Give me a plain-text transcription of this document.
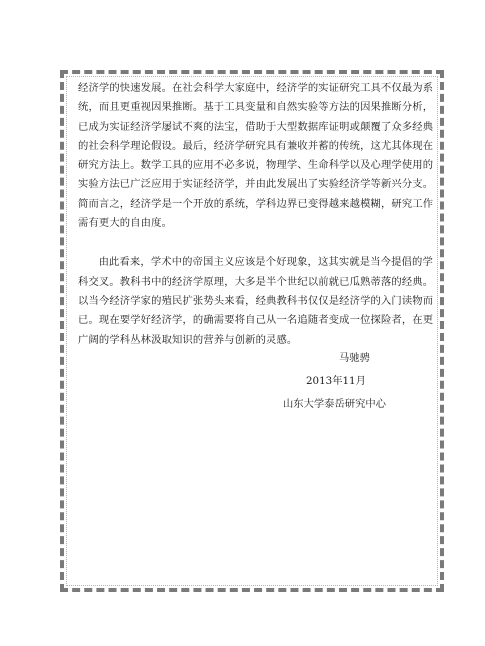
经济学的快速发展。在社会科学大家庭中，经济学的实证研究工具不仅最为系
统，而且更重视因果推断。基于工具变量和自然实验等方法的因果推断分析，
已成为实证经济学屡试不爽的法宝，借助于大型数据库证明或颠覆了众多经典
的社会科学理论假设。最后，经济学研究具有兼收并蓄的传统，这尤其体现在
研究方法上。数学工具的应用不必多说，物理学、生命科学以及心理学使用的
实验方法已广泛应用于实证经济学，并由此发展出了实验经济学等新兴分支。
简而言之，经济学是一个开放的系统，学科边界已变得越来越模糊，研究工作
需有更大的自由度。
由此看来，学术中的帝国主义应该是个好现象，这其实就是当今提倡的学
科交叉。教科书中的经济学原理，大多是半个世纪以前就已瓜熟蒂落的经典。
以当今经济学家的殖民扩张势头来看，经典教科书仅仅是经济学的入门读物而
已。现在要学好经济学，的确需要将自己从一名追随者变成一位探险者，在更
广阔的学科丛林汲取知识的营养与创新的灵感。
马驰骋
2013年11月
山东大学泰岳研究中心
